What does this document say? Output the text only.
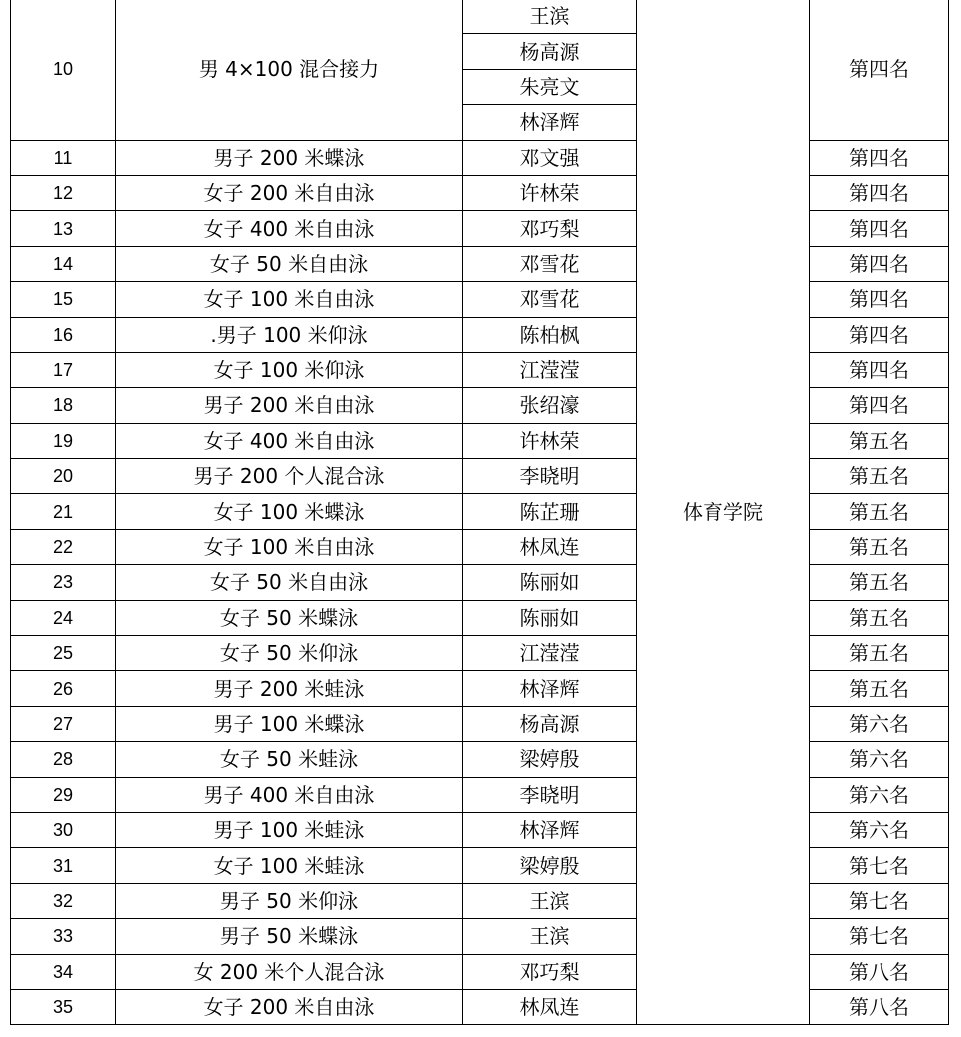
10	男 4×100 混合接力	王滨	体育学院	第四名
		杨高源		
		朱亮文		
		林泽辉		
11	男子 200 米蝶泳	邓文强		第四名
12	女子 200 米自由泳	许林荣		第四名
13	女子 400 米自由泳	邓巧梨		第四名
14	女子 50 米自由泳	邓雪花		第四名
15	女子 100 米自由泳	邓雪花		第四名
16	.男子 100 米仰泳	陈柏枫		第四名
17	女子 100 米仰泳	江滢滢		第四名
18	男子 200 米自由泳	张绍濠		第四名
19	女子 400 米自由泳	许林荣		第五名
20	男子 200 个人混合泳	李晓明		第五名
21	女子 100 米蝶泳	陈芷珊		第五名
22	女子 100 米自由泳	林凤连		第五名
23	女子 50 米自由泳	陈丽如		第五名
24	女子 50 米蝶泳	陈丽如		第五名
25	女子 50 米仰泳	江滢滢		第五名
26	男子 200 米蛙泳	林泽辉		第五名
27	男子 100 米蝶泳	杨高源		第六名
28	女子 50 米蛙泳	梁婷殷		第六名
29	男子 400 米自由泳	李晓明		第六名
30	男子 100 米蛙泳	林泽辉		第六名
31	女子 100 米蛙泳	梁婷殷		第七名
32	男子 50 米仰泳	王滨		第七名
33	男子 50 米蝶泳	王滨		第七名
34	女 200 米个人混合泳	邓巧梨		第八名
35	女子 200 米自由泳	林凤连		第八名
